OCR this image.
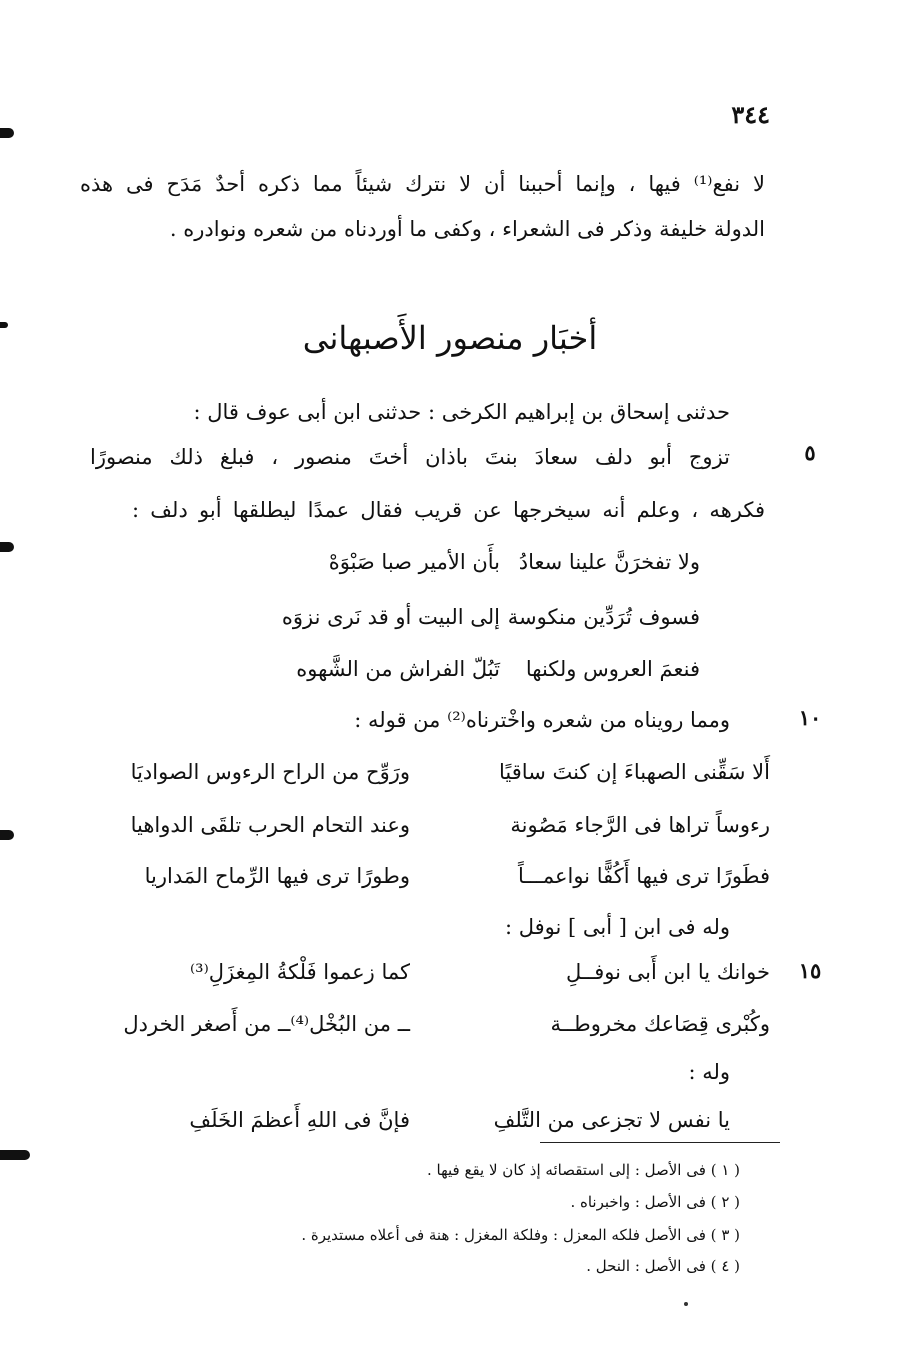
٣٤٤
لا نفع⁽¹⁾ فيها ، وإنما أحببنا أن لا نترك شيئاً مما ذكره أحدٌ مَدَح فى هذه
الدولة خليفة وذكر فى الشعراء ، وكفى ما أوردناه من شعره ونوادره .
أخبَار منصور الأَصبهانى
حدثنى إسحاق بن إبراهيم الكرخى : حدثنى ابن أبى عوف قال :
تزوج أبو دلف سعادَ بنتَ باذان أختَ منصور ، فبلغ ذلك منصورًا	٥
فكرهه ، وعلم أنه سيخرجها عن قريب فقال عمدًا ليطلقها أبو دلف :
ولا تفخرَنَّ علينا سعادُ
بأَن الأمير صبا صَبْوَهْ
فسوف تُرَدِّين منكوسة
إلى البيت أو قد نَرى نزوَه
فنعمَ العروس ولكنها
تَبُلّ الفراش من الشَّهوه
ومما رويناه من شعره واخْترناه⁽²⁾ من قوله :	١٠
أَلا سَقِّنى الصهباءَ إن كنتَ ساقيًا
ورَوِّح من الراح الرءوس الصواديَا
رءوساً تراها فى الرَّجاء مَصُونة
وعند التحام الحرب تلقَى الدواهيا
فطَورًا ترى فيها أَكُفًّا نواعمـــاً
وطورًا ترى فيها الرِّماح المَداريا
وله فى ابن [ أبى ] نوفل :
خوانك يا ابن أَبى نوفــلِ
كما زعموا فَلْكةُ المِغزَلِ⁽³⁾	١٥
وكُبْرى قِصَاعك مخروطــة
ــ من البُخْل⁽⁴⁾ــ من أَصغر الخردل
وله :
يا نفس لا تجزعى من التَّلفِ
فإنَّ فى اللهِ أَعظمَ الخَلَفِ
( ١ ) فى الأصل : إلى استقصائه إذ كان لا يقع فيها .
( ٢ ) فى الأصل : واخبرناه .
( ٣ ) فى الأصل فلكه المعزل : وفلكة المغزل : هنة فى أعلاه مستديرة .
( ٤ ) فى الأصل : النحل .
